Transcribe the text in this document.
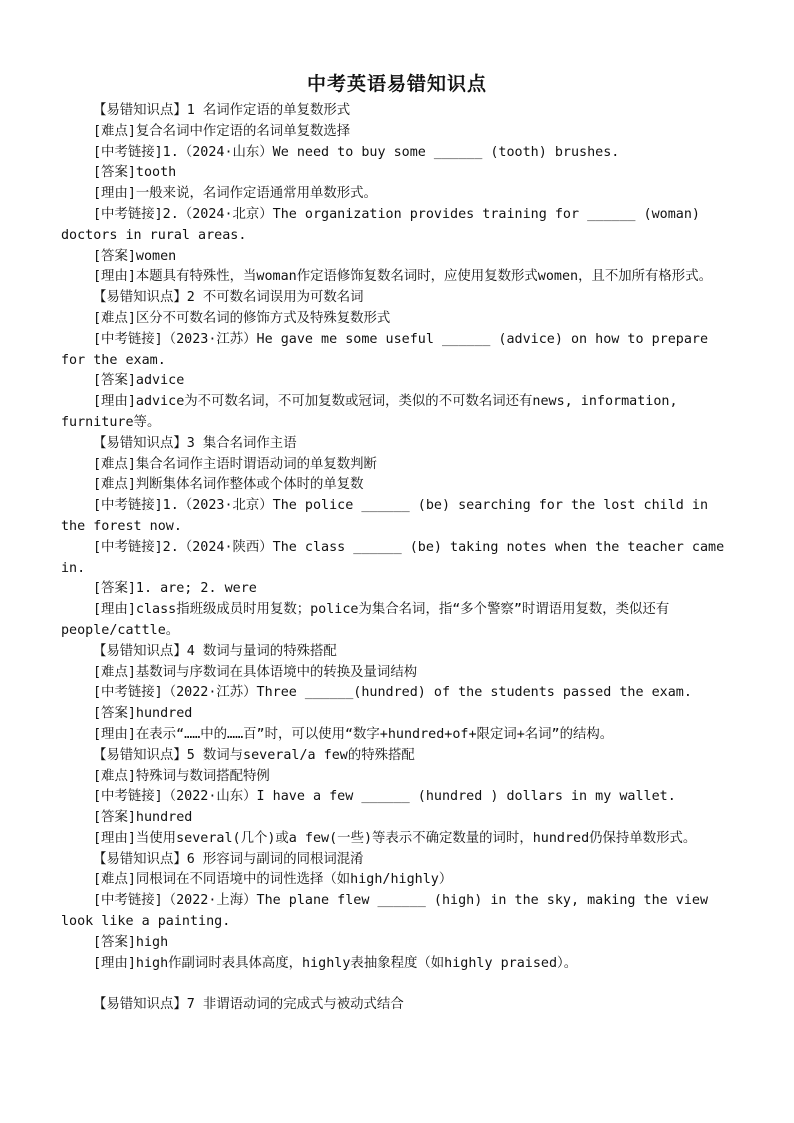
中考英语易错知识点

【易错知识点】1 名词作定语的单复数形式

[难点]复合名词中作定语的名词单复数选择

[中考链接]1.（2024·山东）We need to buy some ______ (tooth) brushes.

[答案]tooth

[理由]一般来说，名词作定语通常用单数形式。

[中考链接]2.（2024·北京）The organization provides training for ______ (woman) doctors in rural areas.

[答案]women

[理由]本题具有特殊性，当woman作定语修饰复数名词时，应使用复数形式women，且不加所有格形式。

【易错知识点】2 不可数名词误用为可数名词

[难点]区分不可数名词的修饰方式及特殊复数形式

[中考链接]（2023·江苏）He gave me some useful ______ (advice) on how to prepare for the exam.

[答案]advice

[理由]advice为不可数名词，不可加复数或冠词，类似的不可数名词还有news, information, furniture等。

【易错知识点】3 集合名词作主语

[难点]集合名词作主语时谓语动词的单复数判断

[难点]判断集体名词作整体或个体时的单复数

[中考链接]1.（2023·北京）The police ______ (be) searching for the lost child in the forest now.

[中考链接]2.（2024·陕西）The class ______ (be) taking notes when the teacher came in.

[答案]1. are; 2. were

[理由]class指班级成员时用复数；police为集合名词，指“多个警察”时谓语用复数，类似还有people/cattle。

【易错知识点】4 数词与量词的特殊搭配

[难点]基数词与序数词在具体语境中的转换及量词结构

[中考链接]（2022·江苏）Three ______(hundred) of the students passed the exam.

[答案]hundred

[理由]在表示“……中的……百”时，可以使用“数字+hundred+of+限定词+名词”的结构。

【易错知识点】5 数词与several/a few的特殊搭配

[难点]特殊词与数词搭配特例

[中考链接]（2022·山东）I have a few ______ (hundred ) dollars in my wallet.

[答案]hundred

[理由]当使用several(几个)或a few(一些)等表示不确定数量的词时，hundred仍保持单数形式。

【易错知识点】6 形容词与副词的同根词混淆

[难点]同根词在不同语境中的词性选择（如high/highly）

[中考链接]（2022·上海）The plane flew ______ (high) in the sky, making the view look like a painting.

[答案]high

[理由]high作副词时表具体高度，highly表抽象程度（如highly praised）。

【易错知识点】7 非谓语动词的完成式与被动式结合
